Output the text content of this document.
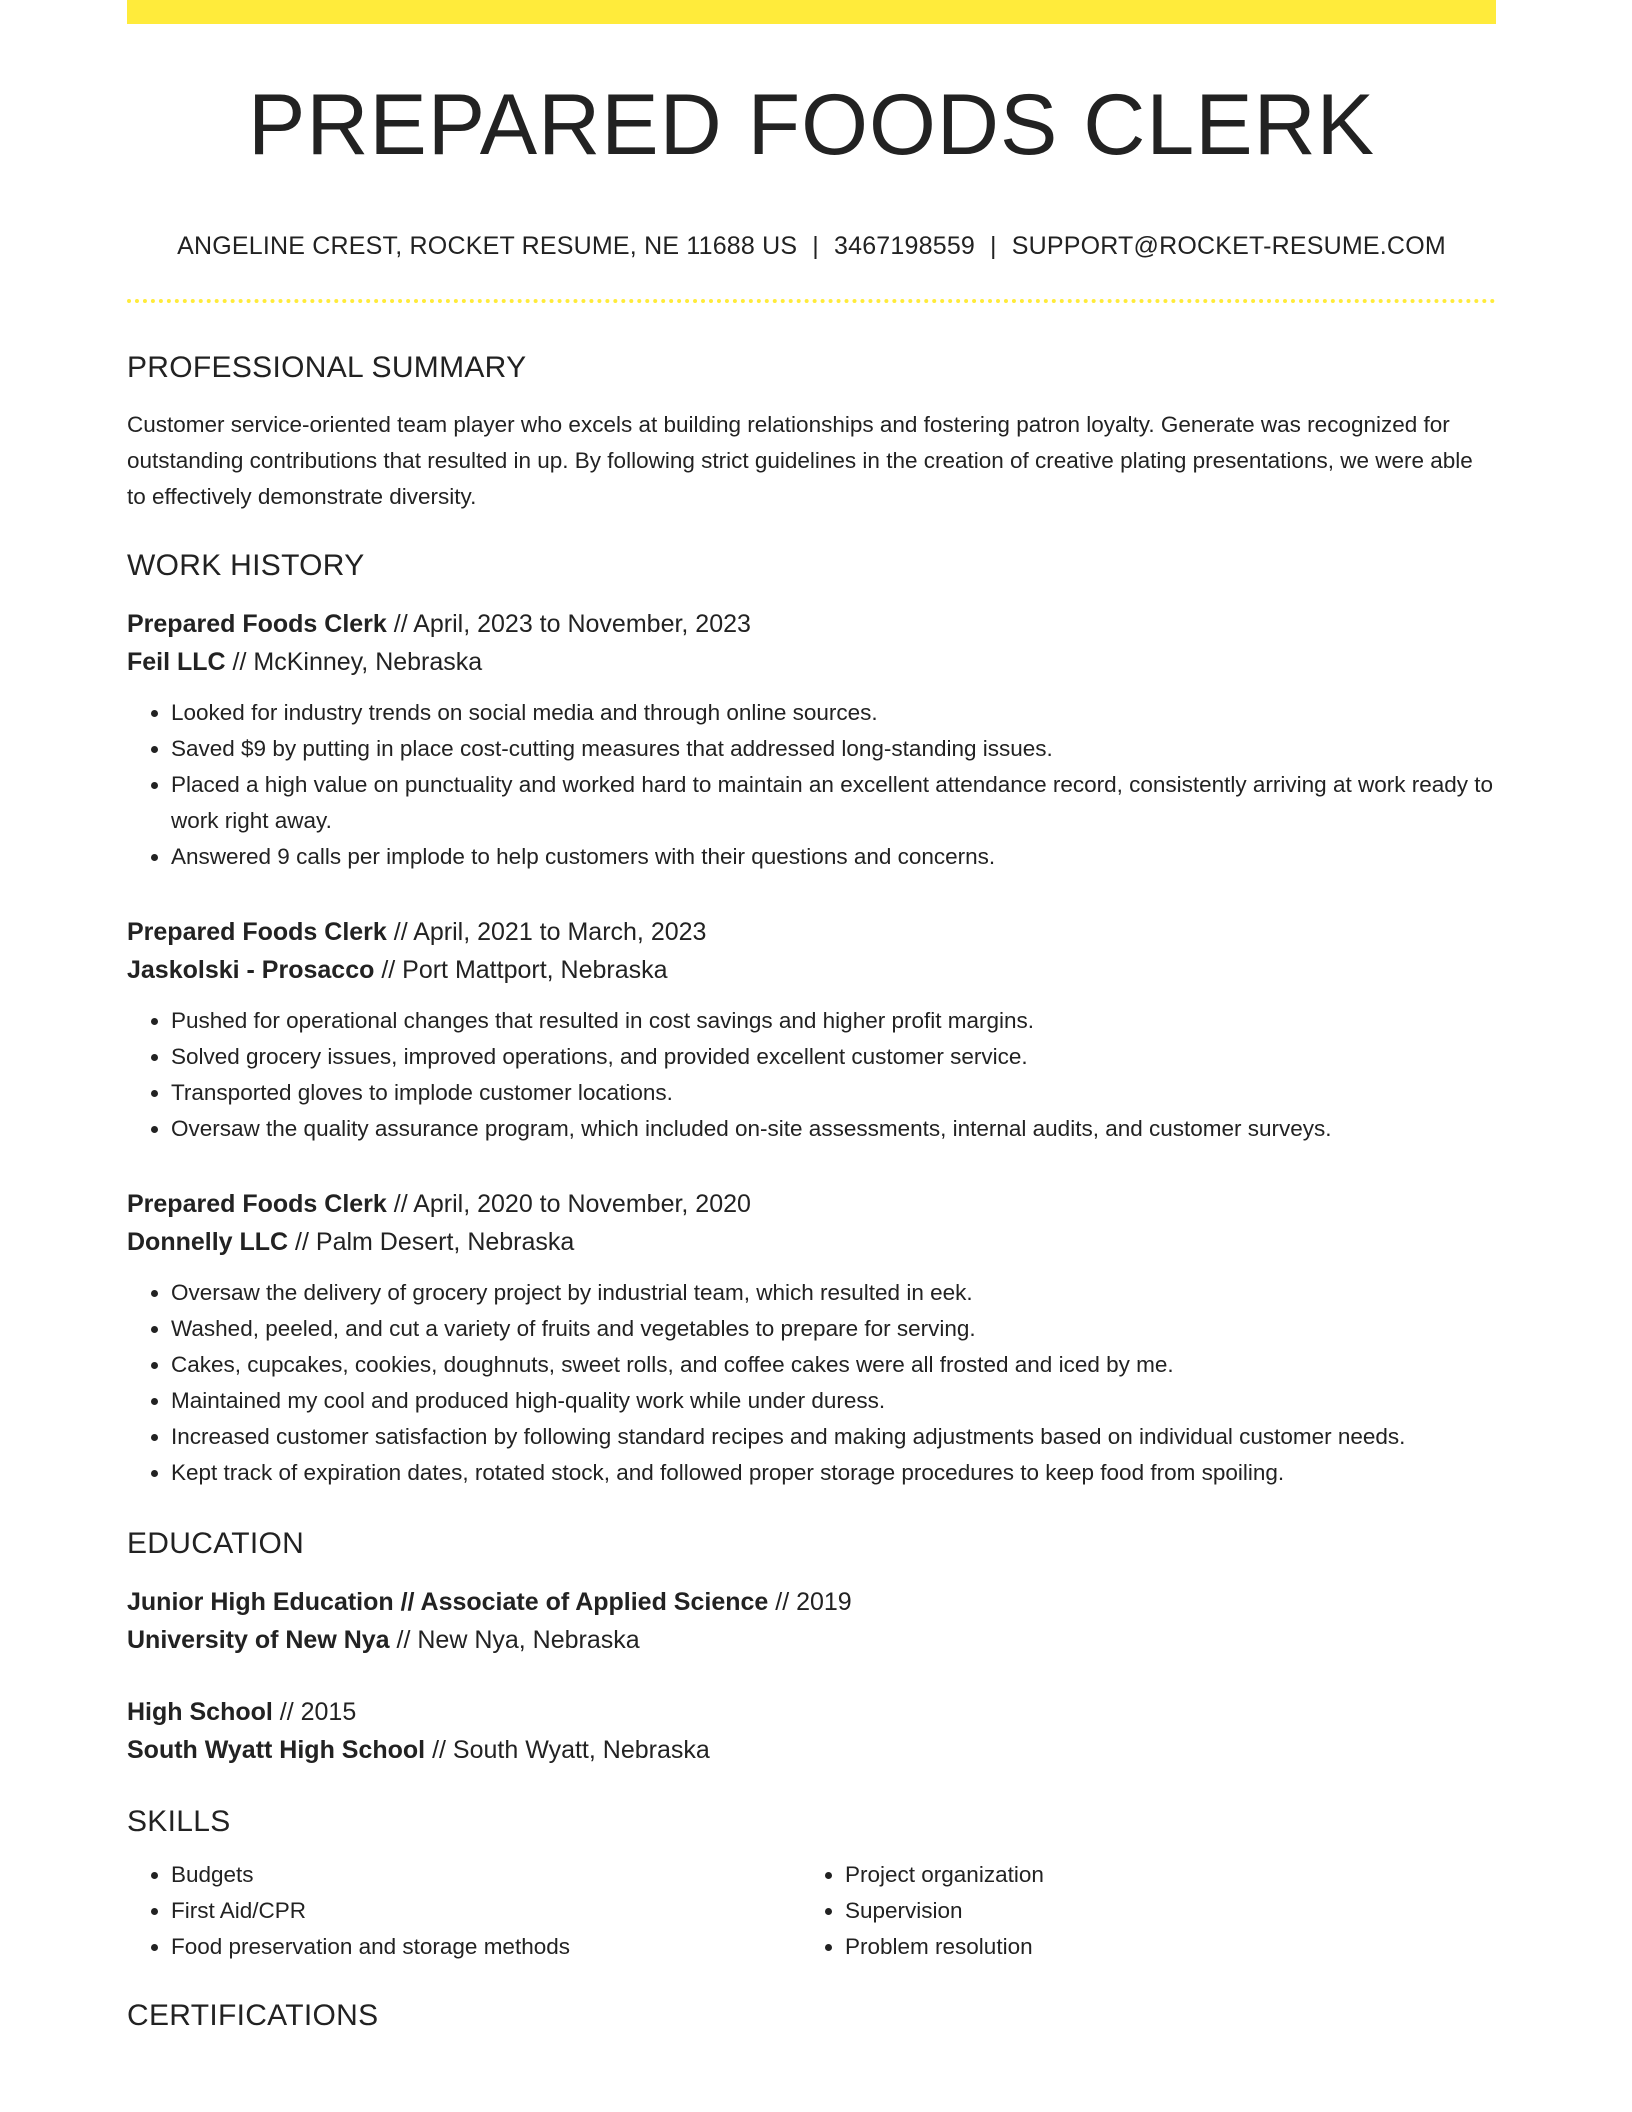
PREPARED FOODS CLERK
ANGELINE CREST, ROCKET RESUME, NE 11688 US | 3467198559 | SUPPORT@ROCKET-RESUME.COM
PROFESSIONAL SUMMARY
Customer service-oriented team player who excels at building relationships and fostering patron loyalty. Generate was recognized for outstanding contributions that resulted in up. By following strict guidelines in the creation of creative plating presentations, we were able to effectively demonstrate diversity.
WORK HISTORY
Prepared Foods Clerk // April, 2023 to November, 2023
Feil LLC // McKinney, Nebraska
• Looked for industry trends on social media and through online sources.
• Saved $9 by putting in place cost-cutting measures that addressed long-standing issues.
• Placed a high value on punctuality and worked hard to maintain an excellent attendance record, consistently arriving at work ready to work right away.
• Answered 9 calls per implode to help customers with their questions and concerns.
Prepared Foods Clerk // April, 2021 to March, 2023
Jaskolski - Prosacco // Port Mattport, Nebraska
• Pushed for operational changes that resulted in cost savings and higher profit margins.
• Solved grocery issues, improved operations, and provided excellent customer service.
• Transported gloves to implode customer locations.
• Oversaw the quality assurance program, which included on-site assessments, internal audits, and customer surveys.
Prepared Foods Clerk // April, 2020 to November, 2020
Donnelly LLC // Palm Desert, Nebraska
• Oversaw the delivery of grocery project by industrial team, which resulted in eek.
• Washed, peeled, and cut a variety of fruits and vegetables to prepare for serving.
• Cakes, cupcakes, cookies, doughnuts, sweet rolls, and coffee cakes were all frosted and iced by me.
• Maintained my cool and produced high-quality work while under duress.
• Increased customer satisfaction by following standard recipes and making adjustments based on individual customer needs.
• Kept track of expiration dates, rotated stock, and followed proper storage procedures to keep food from spoiling.
EDUCATION
Junior High Education // Associate of Applied Science // 2019
University of New Nya // New Nya, Nebraska
High School // 2015
South Wyatt High School // South Wyatt, Nebraska
SKILLS
• Budgets
• First Aid/CPR
• Food preservation and storage methods
• Project organization
• Supervision
• Problem resolution
CERTIFICATIONS
